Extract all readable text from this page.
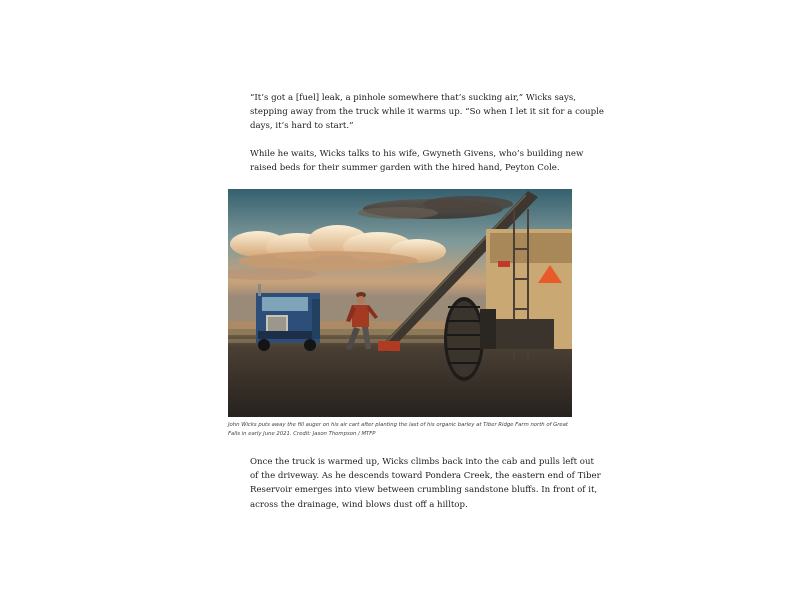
“It’s got a [fuel] leak, a pinhole somewhere that’s sucking air,” Wicks says,
stepping away from the truck while it warms up. “So when I let it sit for a couple
days, it’s hard to start.”

While he waits, Wicks talks to his wife, Gwyneth Givens, who’s building new
raised beds for their summer garden with the hired hand, Peyton Cole.

John Wicks puts away the fill auger on his air cart after planting the last of his organic barley at Tiber Ridge Farm north of Great
Falls in early June 2021. Credit: Jason Thompson / MTFP

Once the truck is warmed up, Wicks climbs back into the cab and pulls left out
of the driveway. As he descends toward Pondera Creek, the eastern end of Tiber
Reservoir emerges into view between crumbling sandstone bluffs. In front of it,
across the drainage, wind blows dust off a hilltop.
